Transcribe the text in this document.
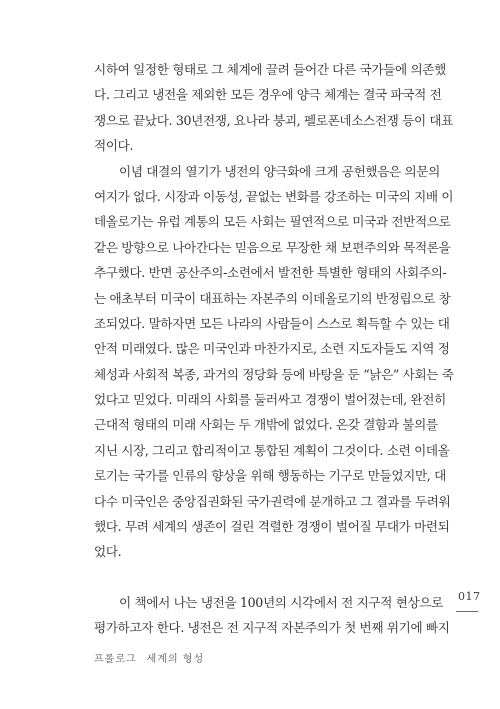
시하여 일정한 형태로 그 체계에 끌려 들어간 다른 국가들에 의존했
다. 그리고 냉전을 제외한 모든 경우에 양극 체계는 결국 파국적 전
쟁으로 끝났다. 30년전쟁, 요나라 붕괴, 펠로폰네소스전쟁 등이 대표
적이다.
이념 대결의 열기가 냉전의 양극화에 크게 공헌했음은 의문의
여지가 없다. 시장과 이동성, 끝없는 변화를 강조하는 미국의 지배 이
데올로기는 유럽 계통의 모든 사회는 필연적으로 미국과 전반적으로
같은 방향으로 나아간다는 믿음으로 무장한 채 보편주의와 목적론을
추구했다. 반면 공산주의-소련에서 발전한 특별한 형태의 사회주의-
는 애초부터 미국이 대표하는 자본주의 이데올로기의 반정립으로 창
조되었다. 말하자면 모든 나라의 사람들이 스스로 획득할 수 있는 대
안적 미래였다. 많은 미국인과 마찬가지로, 소련 지도자들도 지역 정
체성과 사회적 복종, 과거의 정당화 등에 바탕을 둔 “낡은” 사회는 죽
었다고 믿었다. 미래의 사회를 둘러싸고 경쟁이 벌어졌는데, 완전히
근대적 형태의 미래 사회는 두 개밖에 없었다. 온갖 결함과 불의를
지닌 시장, 그리고 합리적이고 통합된 계획이 그것이다. 소련 이데올
로기는 국가를 인류의 향상을 위해 행동하는 기구로 만들었지만, 대
다수 미국인은 중앙집권화된 국가권력에 분개하고 그 결과를 두려워
했다. 무려 세계의 생존이 걸린 격렬한 경쟁이 벌어질 무대가 마련되
었다.
이 책에서 나는 냉전을 100년의 시각에서 전 지구적 현상으로
평가하고자 한다. 냉전은 전 지구적 자본주의가 첫 번째 위기에 빠지
017
프롤로그 세계의 형성
